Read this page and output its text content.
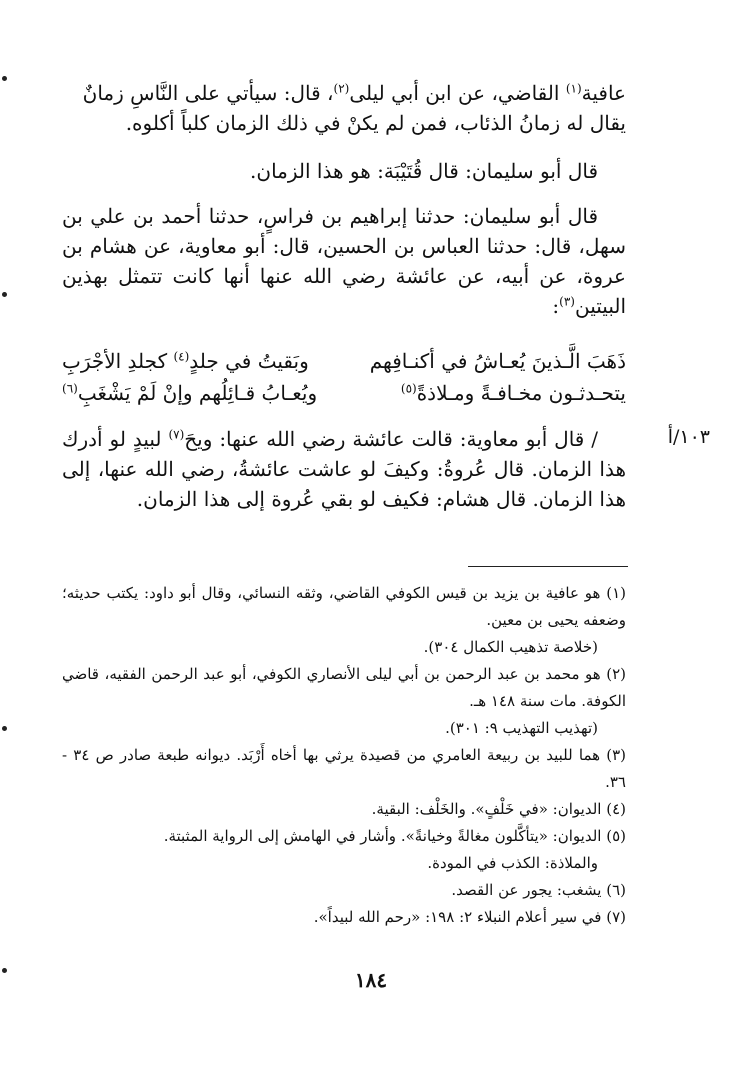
عافية$^{(١)}$ القاضي، عن ابن أبي ليلى$^{(٢)}$، قال: سيأتي على النَّاسِ زمانٌ

يقال له زمانُ الذئاب، فمن لم يكنْ في ذلك الزمان كلباً أكلوه.

قال أبو سليمان: قال قُتَيْبَة: هو هذا الزمان.

قال أبو سليمان: حدثنا إبراهيم بن فراسٍ، حدثنا أحمد بن علي بن سهل، قال: حدثنا العباس بن الحسين، قال: أبو معاوية، عن هشام بن عروة، عن أبيه، عن عائشة رضي الله عنها أنها كانت تتمثل بهذين البيتين$^{(٣)}$:

ذَهَبَ الَّـذينَ يُعـاشُ في أكنـافِهم
وبَقيتُ في جلدٍ$^{(٤)}$ كجلدِ الأجْرَبِ
يتحـدثـون مخـافـةً ومـلاذةً$^{(٥)}$
ويُعـابُ قـائِلُهم وإنْ لَمْ يَشْغَبِ$^{(٦)}$
١٠٣/أ

/ قال أبو معاوية: قالت عائشة رضي الله عنها: ويحَ$^{(٧)}$ لبيدٍ لو أدرك هذا الزمان. قال عُروةُ: وكيفَ لو عاشت عائشةُ، رضي الله عنها، إلى هذا الزمان. قال هشام: فكيف لو بقي عُروة إلى هذا الزمان.

(١) هو عافية بن يزيد بن قيس الكوفي القاضي، وثقه النسائي، وقال أبو داود: يكتب حديثه؛ وضعفه يحيى بن معين.
(خلاصة تذهيب الكمال ٣٠٤).

(٢) هو محمد بن عبد الرحمن بن أبي ليلى الأنصاري الكوفي، أبو عبد الرحمن الفقيه، قاضي الكوفة. مات سنة ١٤٨ هـ.
(تهذيب التهذيب ٩: ٣٠١).

(٣) هما للبيد بن ربيعة العامري من قصيدة يرثي بها أخاه أَرْبَد. ديوانه طبعة صادر ص ٣٤ - ٣٦.

(٤) الديوان: «في خَلْفٍ». والخَلْف: البقية.

(٥) الديوان: «يتأكَّلون مغالةً وخيانةً». وأشار في الهامش إلى الرواية المثبتة.
والملاذة: الكذب في المودة.

(٦) يشغب: يجور عن القصد.

(٧) في سير أعلام النبلاء ٢: ١٩٨: «رحم الله لبيداً».

١٨٤
